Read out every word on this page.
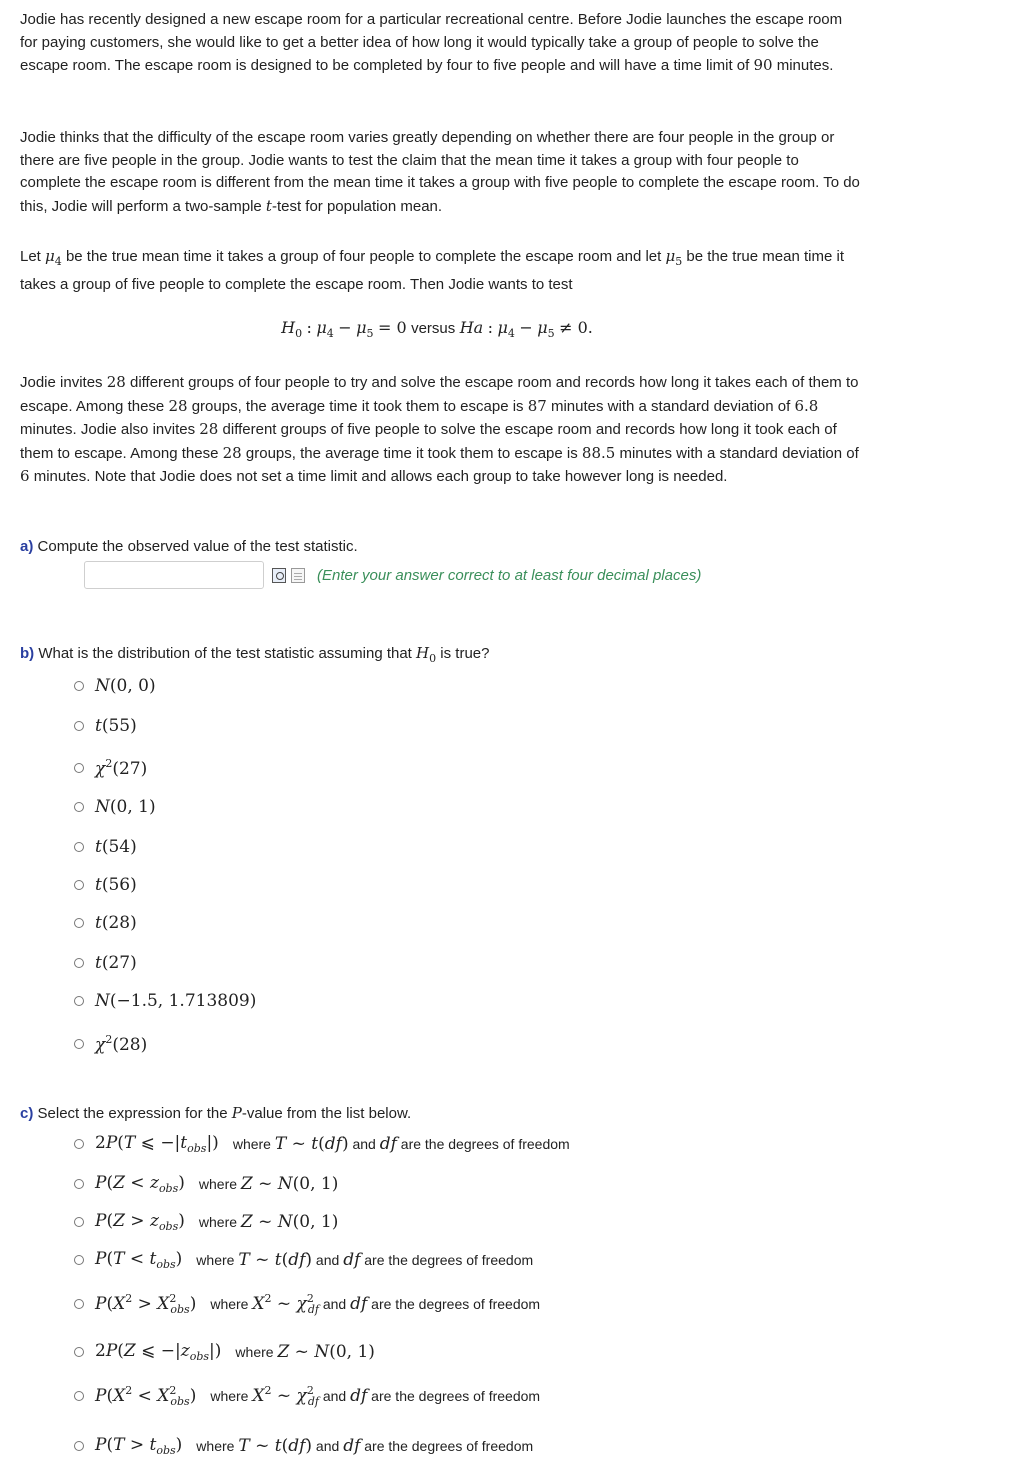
Jodie has recently designed a new escape room for a particular recreational centre. Before Jodie launches the escape room for paying customers, she would like to get a better idea of how long it would typically take a group of people to solve the escape room. The escape room is designed to be completed by four to five people and will have a time limit of 90 minutes.

Jodie thinks that the difficulty of the escape room varies greatly depending on whether there are four people in the group or there are five people in the group. Jodie wants to test the claim that the mean time it takes a group with four people to complete the escape room is different from the mean time it takes a group with five people to complete the escape room. To do this, Jodie will perform a two-sample t-test for population mean.

Let $\mu_4$ be the true mean time it takes a group of four people to complete the escape room and let $\mu_5$ be the true mean time it takes a group of five people to complete the escape room. Then Jodie wants to test

$H_0$ : $\mu_4 - \mu_5 = 0$ versus Ha : $\mu_4 - \mu_5 \ne 0$.

Jodie invites 28 different groups of four people to try and solve the escape room and records how long it takes each of them to escape. Among these 28 groups, the average time it took them to escape is 87 minutes with a standard deviation of 6.8 minutes. Jodie also invites 28 different groups of five people to solve the escape room and records how long it took each of them to escape. Among these 28 groups, the average time it took them to escape is 88.5 minutes with a standard deviation of 6 minutes. Note that Jodie does not set a time limit and allows each group to take however long is needed.

a) Compute the observed value of the test statistic.
(Enter your answer correct to at least four decimal places)
b) What is the distribution of the test statistic assuming that $H_0$ is true?
N(0, 0)
t(55)
$\chi^2(27)$
N(0, 1)
t(54)
t(56)
t(28)
t(27)
N(−1.5, 1.713809)
$\chi^2(28)$
c) Select the expression for the P-value from the list below.
2P(T ⩽ $-|t_{obs}|$) where T ~ t(df) and df are the degrees of freedom
$P(Z < z_{obs})$ where Z ~ N(0, 1)
$P(Z > z_{obs})$ where Z ~ N(0, 1)
$P(T < t_{obs})$ where T ~ t(df) and df are the degrees of freedom
$P(X^2 > X^2_{obs})$ where $X^2$ ~ $\chi^2_{df}$ and df are the degrees of freedom
2P(Z ⩽ $-|z_{obs}|$) where Z ~ N(0, 1)
$P(X^2 < X^2_{obs})$ where $X^2$ ~ $\chi^2_{df}$ and df are the degrees of freedom
$P(T > t_{obs})$ where T ~ t(df) and df are the degrees of freedom
